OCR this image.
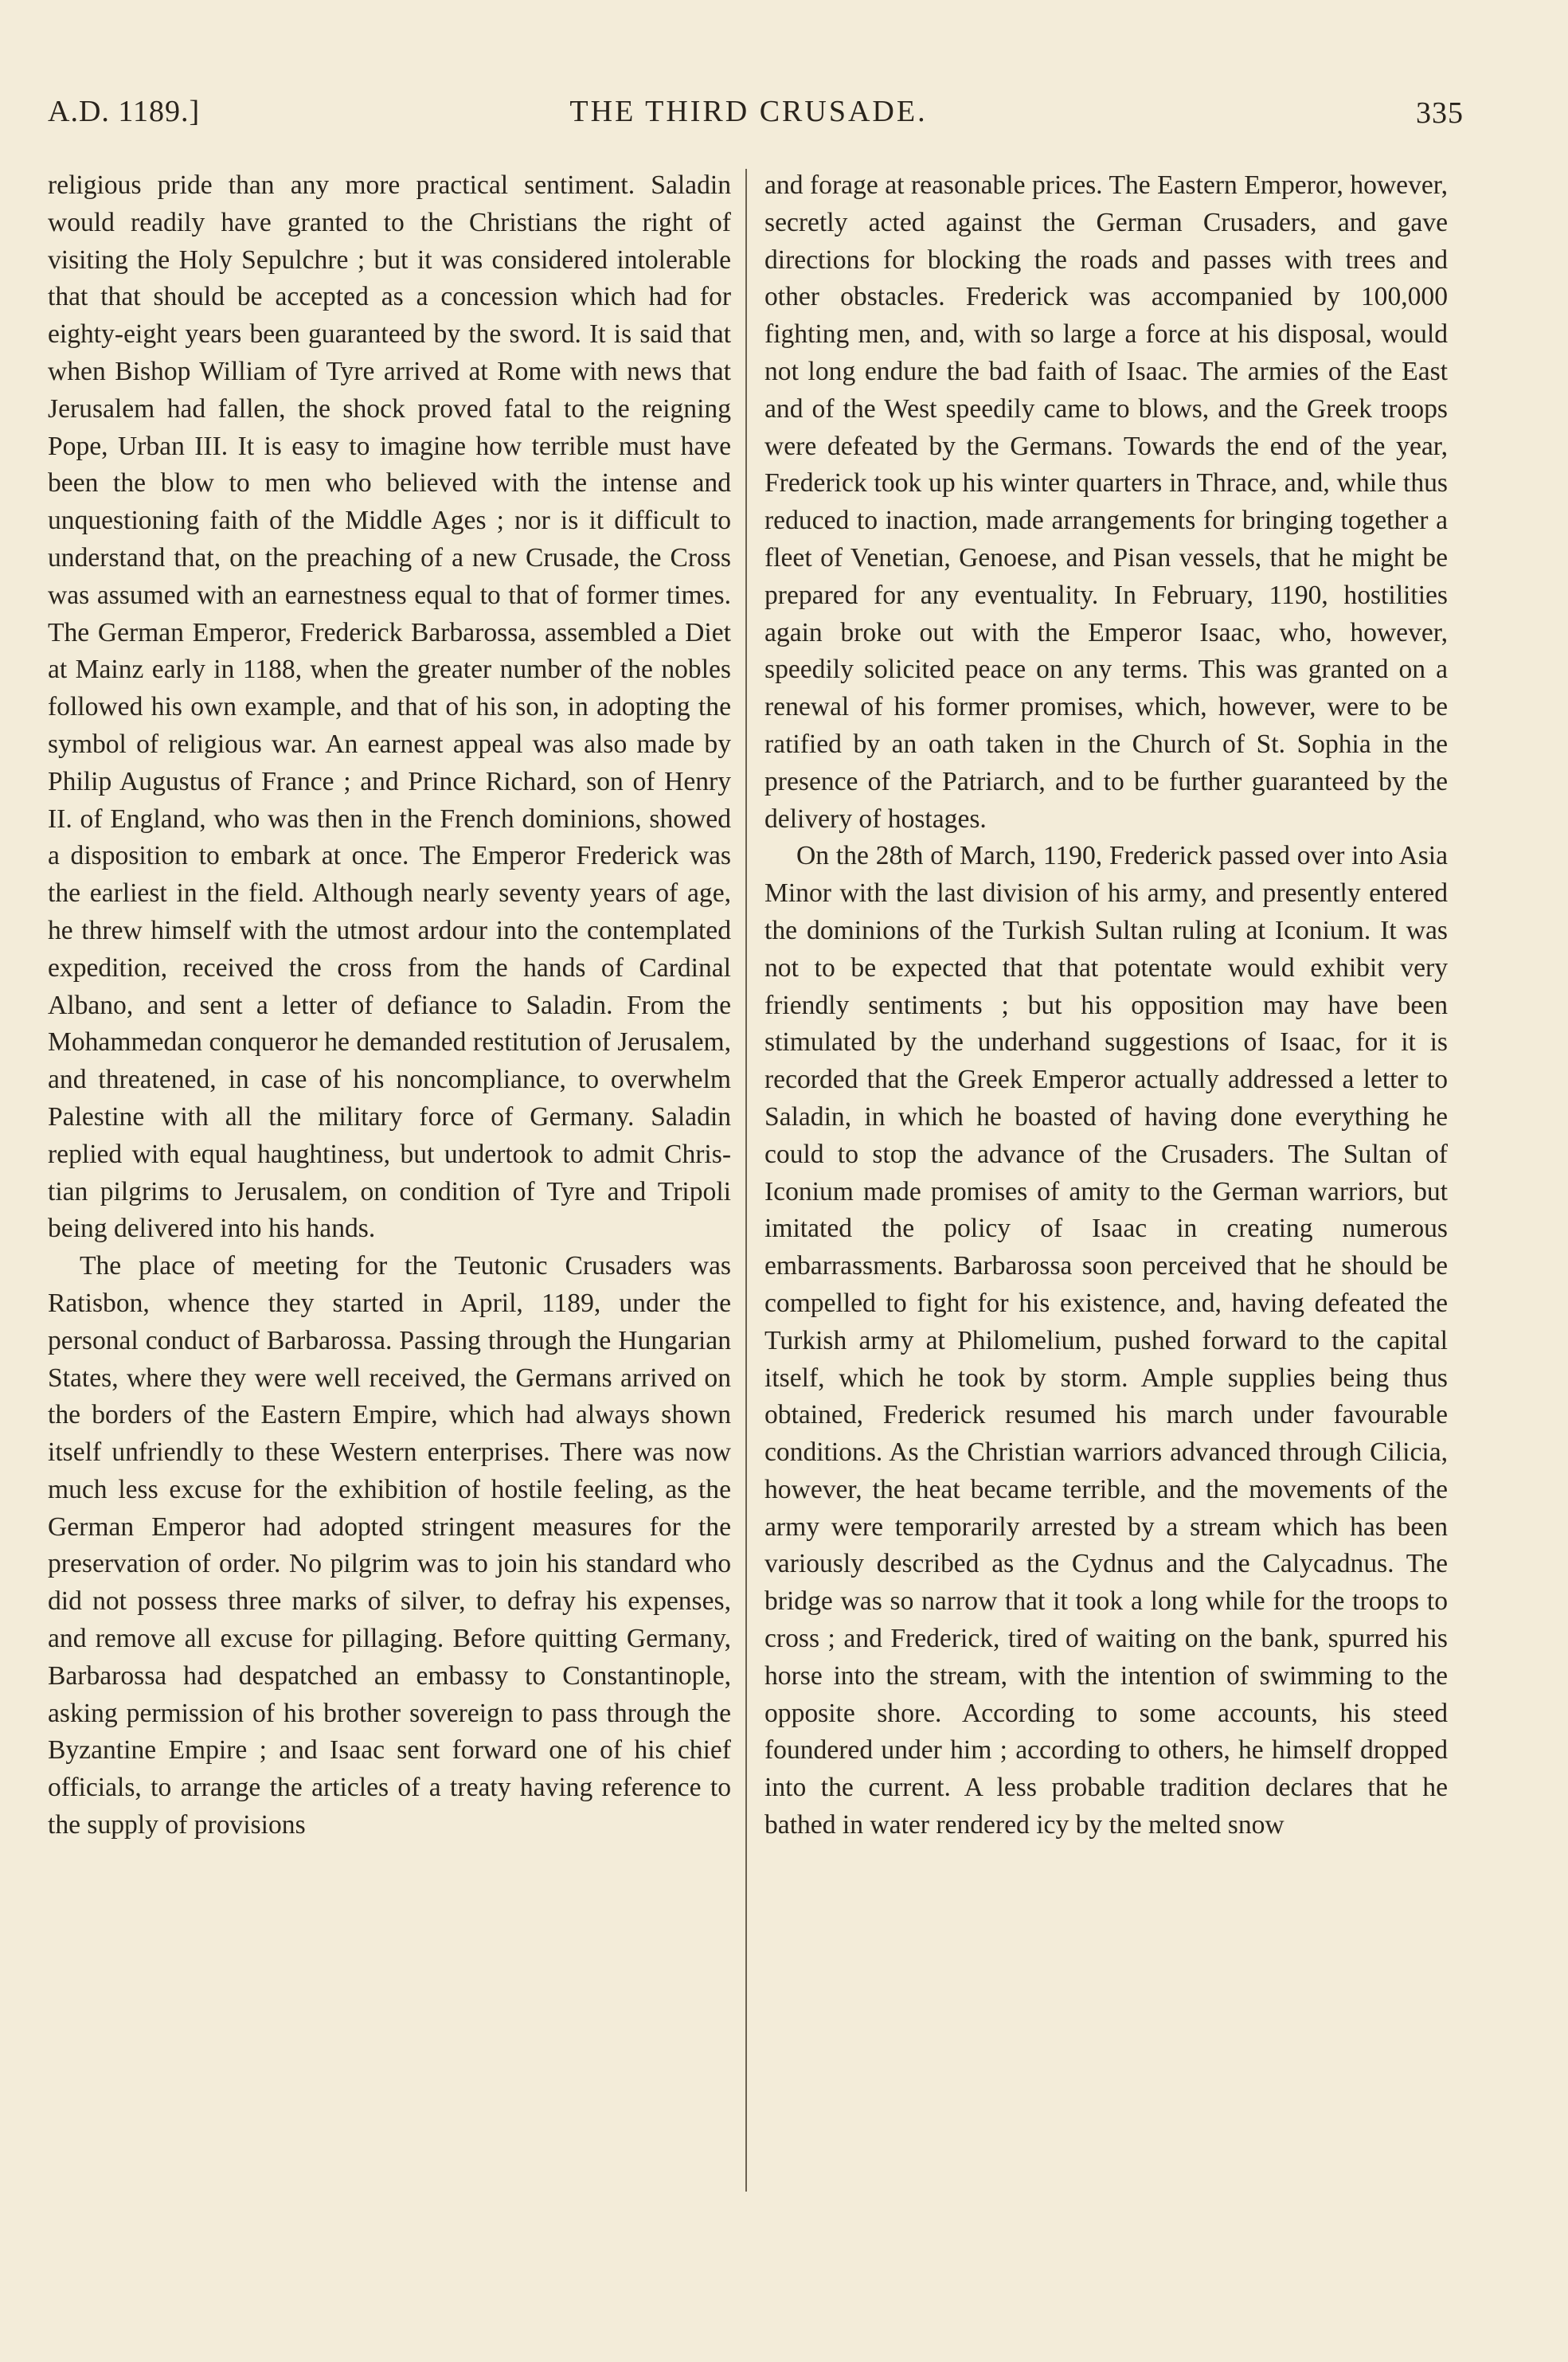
A.D. 1189.]	THE THIRD CRUSADE.	335

religious pride than any more practical sentiment. Saladin would readily have granted to the Christians the right of visiting the Holy Sepulchre ; but it was considered intolerable that that should be accepted as a concession which had for eighty-eight years been guaranteed by the sword. It is said that when Bishop William of Tyre arrived at Rome with news that Jerusalem had fallen, the shock proved fatal to the reigning Pope, Urban III. It is easy to imagine how terrible must have been the blow to men who believed with the intense and unquestioning faith of the Middle Ages ; nor is it difficult to understand that, on the preaching of a new Crusade, the Cross was assumed with an earnestness equal to that of former times. The German Emperor, Frederick Barbarossa, assembled a Diet at Mainz early in 1188, when the greater number of the nobles followed his own example, and that of his son, in adopting the symbol of religious war. An earnest appeal was also made by Philip Augustus of France ; and Prince Richard, son of Henry II. of England, who was then in the French dominions, showed a disposition to embark at once. The Emperor Frederick was the earliest in the field. Although nearly seventy years of age, he threw himself with the utmost ardour into the contemplated expedition, received the cross from the hands of Cardinal Albano, and sent a letter of defiance to Saladin. From the Mohammedan conqueror he demanded restitution of Jerusalem, and threatened, in case of his noncompliance, to overwhelm Palestine with all the military force of Germany. Saladin replied with equal haughtiness, but undertook to admit Christian pilgrims to Jerusalem, on condition of Tyre and Tripoli being delivered into his hands.

The place of meeting for the Teutonic Crusaders was Ratisbon, whence they started in April, 1189, under the personal conduct of Barbarossa. Passing through the Hungarian States, where they were well received, the Germans arrived on the borders of the Eastern Empire, which had always shown itself unfriendly to these Western enterprises. There was now much less excuse for the exhibition of hostile feeling, as the German Emperor had adopted stringent measures for the preservation of order. No pilgrim was to join his standard who did not possess three marks of silver, to defray his expenses, and remove all excuse for pillaging. Before quitting Germany, Barbarossa had despatched an embassy to Constantinople, asking permission of his brother sovereign to pass through the Byzantine Empire ; and Isaac sent forward one of his chief officials, to arrange the articles of a treaty having reference to the supply of provisions

and forage at reasonable prices. The Eastern Emperor, however, secretly acted against the German Crusaders, and gave directions for blocking the roads and passes with trees and other obstacles. Frederick was accompanied by 100,000 fighting men, and, with so large a force at his disposal, would not long endure the bad faith of Isaac. The armies of the East and of the West speedily came to blows, and the Greek troops were defeated by the Germans. Towards the end of the year, Frederick took up his winter quarters in Thrace, and, while thus reduced to inaction, made arrangements for bringing together a fleet of Venetian, Genoese, and Pisan vessels, that he might be prepared for any eventuality. In February, 1190, hostilities again broke out with the Emperor Isaac, who, however, speedily solicited peace on any terms. This was granted on a renewal of his former promises, which, however, were to be ratified by an oath taken in the Church of St. Sophia in the presence of the Patriarch, and to be further guaranteed by the delivery of hostages.

On the 28th of March, 1190, Frederick passed over into Asia Minor with the last division of his army, and presently entered the dominions of the Turkish Sultan ruling at Iconium. It was not to be expected that that potentate would exhibit very friendly sentiments ; but his opposition may have been stimulated by the underhand suggestions of Isaac, for it is recorded that the Greek Emperor actually addressed a letter to Saladin, in which he boasted of having done everything he could to stop the advance of the Crusaders. The Sultan of Iconium made promises of amity to the German warriors, but imitated the policy of Isaac in creating numerous embarrassments. Barbarossa soon perceived that he should be compelled to fight for his existence, and, having defeated the Turkish army at Philomelium, pushed forward to the capital itself, which he took by storm. Ample supplies being thus obtained, Frederick resumed his march under favourable conditions. As the Christian warriors advanced through Cilicia, however, the heat became terrible, and the movements of the army were temporarily arrested by a stream which has been variously described as the Cydnus and the Calycadnus. The bridge was so narrow that it took a long while for the troops to cross ; and Frederick, tired of waiting on the bank, spurred his horse into the stream, with the intention of swimming to the opposite shore. According to some accounts, his steed foundered under him ; according to others, he himself dropped into the current. A less probable tradition declares that he bathed in water rendered icy by the melted snow
